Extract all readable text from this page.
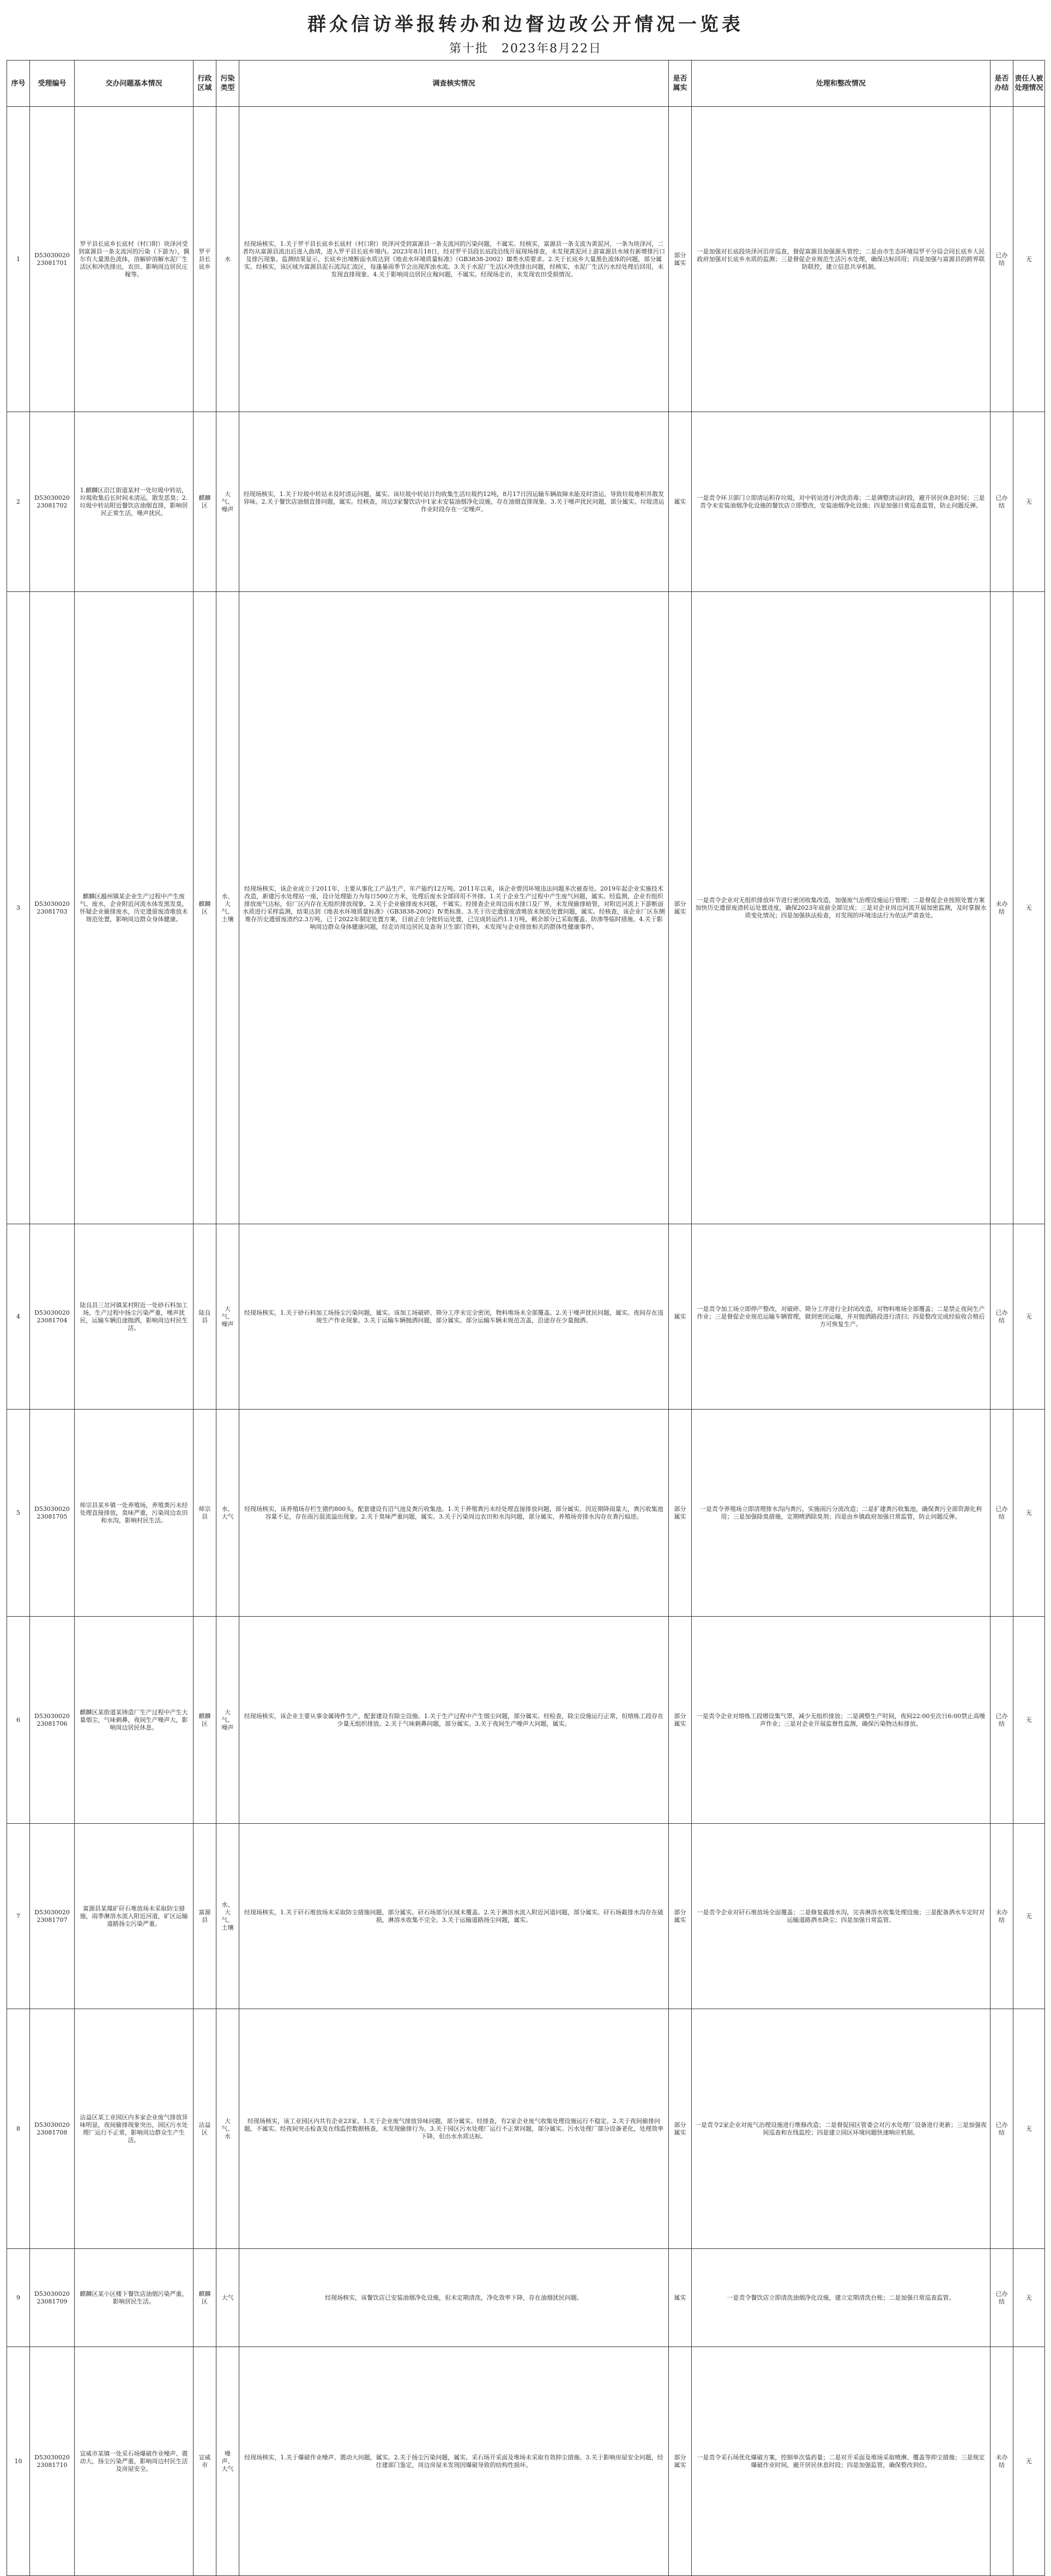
群众信访举报转办和边督边改公开情况一览表
第十批　2023年8月22日
序号	受理编号	交办问题基本情况	行政区域	污染类型	调查核实情况	是否属实	处理和整改情况	是否办结	责任人被处理情况
1	D5303002023081701	罗平县长底乡长底村（村口附）块泽河受到富源县一条支流河的污染（下游为），偶尔有大量黑色流体，溶解矽溶解水泥厂生活区和冲洗排出，农田、影响周边居民庄稼等。	罗平县长底乡	水	经现场核实，1.关于罗平县长底乡长底村（村口附）块泽河受到富源县一条支流河的污染问题，不属实。经核实，富源县一条支流为黄泥河，一条为块泽河，二者均从富源县流出后进入曲靖，进入罗平县长底乡境内。2023年8月18日，经对罗平县段长底段沿线开展现场排查，未发现黄泥河上游富源县水域有新增排污口及排污现象。监测结果显示，长底乡出境断面水质达到《地表水环境质量标准》（GB3838-2002）Ⅲ类水质要求。2.关于长底乡大量黑色流体的问题，部分属实。经核实，该区域为富源县泥石流沟汇流区，每逢暴雨季节会出现浑浊水流。3.关于水泥厂生活区冲洗排出问题，经核实，水泥厂生活污水经处理后回用，未发现直排现象。4.关于影响周边居民庄稼问题，不属实。经现场走访，未发现农田受损情况。	部分属实	一是加强对长底段块泽河沿岸巡查，督促富源县加强源头管控；二是由市生态环境局罗平分局会同长底乡人民政府加强对长底乡水质的监测；三是督促企业规范生活污水处理，确保达标回用；四是加强与富源县的跨界联防联控，建立信息共享机制。	已办结	无
2	D5303002023081702	1.麒麟区沿江街道某村一处垃圾中转站，垃圾收集后长时间未清运，散发恶臭；2.垃圾中转站附近餐饮店油烟直排，影响居民正常生活，噪声扰民。	麒麟区	大气、噪声	经现场核实，1.关于垃圾中转站未及时清运问题，属实。该垃圾中转站日均收集生活垃圾约12吨，8月17日因运输车辆故障未能及时清运，导致垃圾堆积并散发异味。2.关于餐饮店油烟直排问题，属实。经核查，周边3家餐饮店中1家未安装油烟净化设施，存在油烟直排现象。3.关于噪声扰民问题，部分属实。垃圾清运作业时段存在一定噪声。	属实	一是责令环卫部门立即清运积存垃圾，对中转站进行冲洗消毒；二是调整清运时段，避开居民休息时间；三是责令未安装油烟净化设施的餐饮店立即整改，安装油烟净化设施；四是加强日常巡查监管，防止问题反弹。	已办结	无
3	D5303002023081703	麒麟区越州镇某企业生产过程中产生废气、废水，企业附近河流水体发黑发臭，怀疑企业偷排废水，历史遗留废渣堆放未规范处置，影响周边群众身体健康。	麒麟区	水、大气、土壤	经现场核实，该企业成立于2011年，主要从事化工产品生产，年产能约12万吨。2011年以来，该企业曾因环境违法问题多次被查处。2019年起企业实施技术改造，新建污水处理站一座，设计处理能力为每日500立方米，处理后废水全部回用不外排。1.关于企业生产过程中产生废气问题，属实。经监测，企业有组织排放废气达标，但厂区内存在无组织排放现象。2.关于企业偷排废水问题，不属实。经排查企业周边雨水排口及厂界，未发现偷排暗管，对附近河流上下游断面水质进行采样监测，结果达到《地表水环境质量标准》（GB3838-2002）Ⅳ类标准。3.关于历史遗留废渣堆放未规范处置问题，属实。经核查，该企业厂区东侧堆存历史遗留废渣约2.3万吨，已于2022年制定处置方案，目前正在分批转运处置，已完成转运约1.1万吨，剩余部分已采取覆盖、防渗等临时措施。4.关于影响周边群众身体健康问题，经走访周边居民及查询卫生部门资料，未发现与企业排放相关的群体性健康事件。	部分属实	一是责令企业对无组织排放环节进行密闭收集改造，加强废气治理设施运行管理；二是督促企业按照处置方案加快历史遗留废渣转运处置进度，确保2023年底前全部完成；三是对企业周边河流开展加密监测，及时掌握水质变化情况；四是加强执法检查，对发现的环境违法行为依法严肃查处。	未办结	无
4	D5303002023081704	陆良县三岔河镇某村附近一处砂石料加工场，生产过程中扬尘污染严重，噪声扰民，运输车辆沿途抛洒，影响周边村民生活。	陆良县	大气、噪声	经现场核实，1.关于砂石料加工场扬尘污染问题，属实。该加工场破碎、筛分工序未完全密闭，物料堆场未全部覆盖。2.关于噪声扰民问题，属实。夜间存在违规生产作业现象。3.关于运输车辆抛洒问题，部分属实。部分运输车辆未规范苫盖，沿途存在少量抛洒。	属实	一是责令加工场立即停产整改，对破碎、筛分工序进行全封闭改造，对物料堆场全部覆盖；二是禁止夜间生产作业；三是督促企业规范运输车辆管理，做到密闭运输，并对抛洒路段进行清扫；四是整改完成经验收合格后方可恢复生产。	已办结	无
5	D5303002023081705	师宗县某乡镇一处养殖场，养殖粪污未经处理直接排放，臭味严重，污染周边农田和水沟，影响村民生活。	师宗县	水、大气	经现场核实，该养殖场存栏生猪约800头，配套建设有沼气池及粪污收集池。1.关于养殖粪污未经处理直接排放问题，部分属实。因近期降雨量大，粪污收集池容量不足，存在雨污混流溢出现象。2.关于臭味严重问题，属实。3.关于污染周边农田和水沟问题，部分属实，养殖场旁排水沟存在粪污痕迹。	部分属实	一是责令养殖场立即清理排水沟内粪污，实施雨污分流改造；二是扩建粪污收集池，确保粪污全部资源化利用；三是加强除臭措施，定期喷洒除臭剂；四是由乡镇政府加强日常监管，防止问题反弹。	已办结	无
6	D5303002023081706	麒麟区某街道某铸造厂生产过程中产生大量烟尘，气味刺鼻，夜间生产噪声大，影响周边居民休息。	麒麟区	大气、噪声	经现场核实，该企业主要从事金属铸件生产，配套建设有除尘设施。1.关于生产过程中产生烟尘问题，部分属实。经检查，除尘设施运行正常，但熔炼工段存在少量无组织排放。2.关于气味刺鼻问题，部分属实。3.关于夜间生产噪声大问题，属实。	部分属实	一是责令企业对熔炼工段增设集气罩，减少无组织排放；二是调整生产时间，夜间22:00至次日6:00禁止高噪声作业；三是对企业开展监督性监测，确保污染物达标排放。	已办结	无
7	D5303002023081707	富源县某煤矿矸石堆放场未采取防尘措施，雨季淋溶水流入附近河道，矿区运输道路扬尘污染严重。	富源县	水、大气、土壤	经现场核实，1.关于矸石堆放场未采取防尘措施问题，部分属实。矸石场部分区域未覆盖。2.关于淋溶水流入附近河道问题，部分属实。矸石场截排水沟存在破损，淋溶水收集不完全。3.关于运输道路扬尘问题，属实。	部分属实	一是责令企业对矸石堆放场全面覆盖；二是修复截排水沟，完善淋溶水收集处理设施；三是配备洒水车定时对运输道路洒水降尘；四是加强日常监管。	未办结	无
8	D5303002023081708	沾益区某工业园区内多家企业废气排放异味明显，夜间偷排现象突出，园区污水处理厂运行不正常，影响周边群众生产生活。	沾益区	大气、水	经现场核实，该工业园区内共有企业23家。1.关于企业废气排放异味问题，部分属实。经排查，有2家企业废气收集处理设施运行不稳定。2.关于夜间偷排问题，不属实。经夜间突击检查及在线监控数据核查，未发现偷排行为。3.关于园区污水处理厂运行不正常问题，部分属实。污水处理厂部分设备老化，处理效率下降，但出水水质达标。	部分属实	一是责令2家企业对废气治理设施进行维修改造；二是督促园区管委会对污水处理厂设备进行更新；三是加强夜间巡查和在线监控；四是建立园区环境问题快速响应机制。	已办结	无
9	D5303002023081709	麒麟区某小区楼下餐饮店油烟污染严重，影响居民生活。	麒麟区	大气	经现场核实，该餐饮店已安装油烟净化设施，但未定期清洗，净化效率下降，存在油烟扰民问题。	属实	一是责令餐饮店立即清洗油烟净化设施，建立定期清洗台账；二是加强日常巡查监管。	已办结	无
10	D5303002023081710	宣威市某镇一处采石场爆破作业噪声、震动大，扬尘污染严重，影响周边村民生活及房屋安全。	宣威市	噪声、大气	经现场核实，1.关于爆破作业噪声、震动大问题，属实。2.关于扬尘污染问题，属实。采石场开采面及堆场未采取有效抑尘措施。3.关于影响房屋安全问题，经住建部门鉴定，周边房屋未发现因爆破导致的结构性损坏。	部分属实	一是责令采石场优化爆破方案，控制单次装药量；二是对开采面及堆场采取喷淋、覆盖等抑尘措施；三是规定爆破作业时间，避开居民休息时段；四是加强监管，确保整改到位。	未办结	无
